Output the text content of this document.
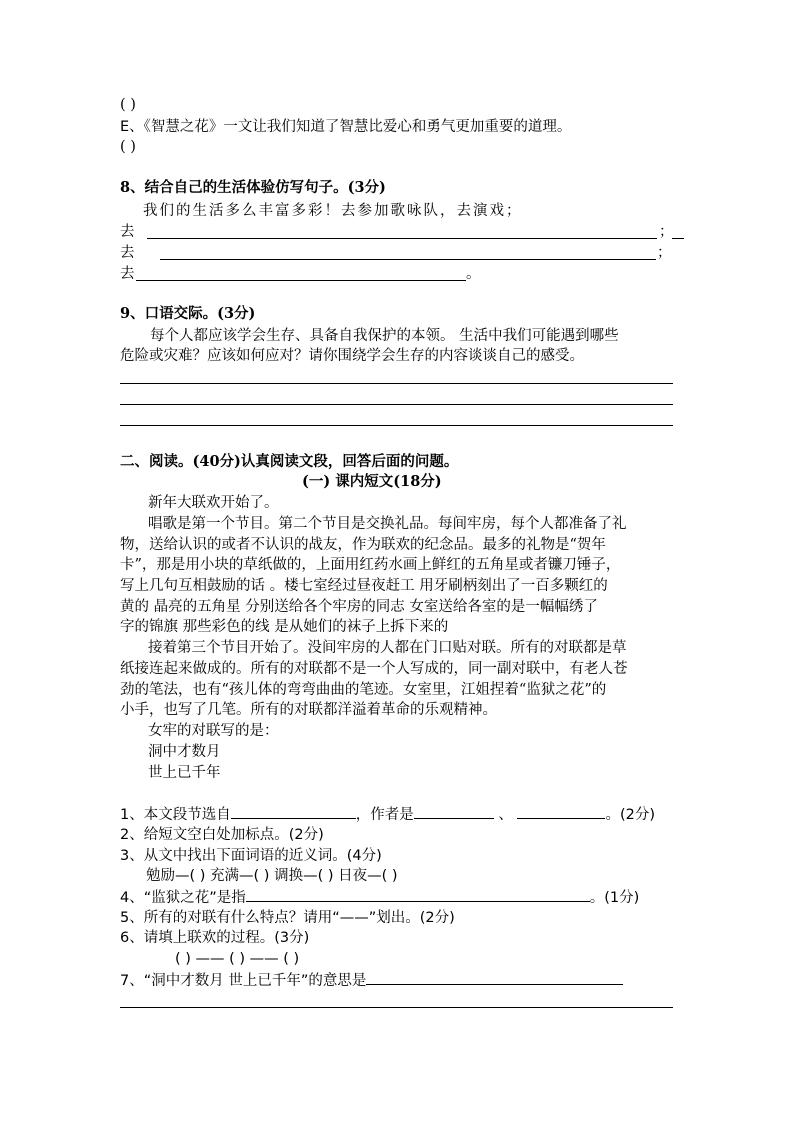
( )
E、《智慧之花》一文让我们知道了智慧比爱心和勇气更加重要的道理。
( )
8、结合自己的生活体验仿写句子。(3分)
我们的生活多么丰富多彩！去参加歌咏队，去演戏；
去	；
去	；
去	。
9、口语交际。(3分)
每个人都应该学会生存、具备自我保护的本领。 生活中我们可能遇到哪些
危险或灾难？应该如何应对？请你围绕学会生存的内容谈谈自己的感受。
二、阅读。(40分)认真阅读文段，回答后面的问题。
(一) 课内短文(18分)
新年大联欢开始了。
唱歌是第一个节目。第二个节目是交换礼品。每间牢房，每个人都准备了礼
物，送给认识的或者不认识的战友，作为联欢的纪念品。最多的礼物是“贺年
卡”，那是用小块的草纸做的，上面用红药水画上鲜红的五角星或者镰刀锤子，
写上几句互相鼓励的话 。楼七室经过昼夜赶工 用牙刷柄刻出了一百多颗红的
黄的 晶亮的五角星 分别送给各个牢房的同志 女室送给各室的是一幅幅绣了
字的锦旗 那些彩色的线 是从她们的袜子上拆下来的
接着第三个节目开始了。没间牢房的人都在门口贴对联。所有的对联都是草
纸接连起来做成的。所有的对联都不是一个人写成的，同一副对联中，有老人苍
劲的笔法，也有“孩儿体的弯弯曲曲的笔迹。女室里，江姐捏着“监狱之花”的
小手，也写了几笔。所有的对联都洋溢着革命的乐观精神。
女牢的对联写的是：
洞中才数月
世上已千年
1、本文段节选自	，作者是	、	。(2分)
2、给短文空白处加标点。(2分)
3、从文中找出下面词语的近义词。(4分)
勉励—( ) 充满—( ) 调换—( ) 日夜—( )
4、“监狱之花”是指	。(1分)
5、所有的对联有什么特点？请用“——”划出。(2分)
6、请填上联欢的过程。(3分)
( ) —— ( ) —— ( )
7、“洞中才数月 世上已千年”的意思是
